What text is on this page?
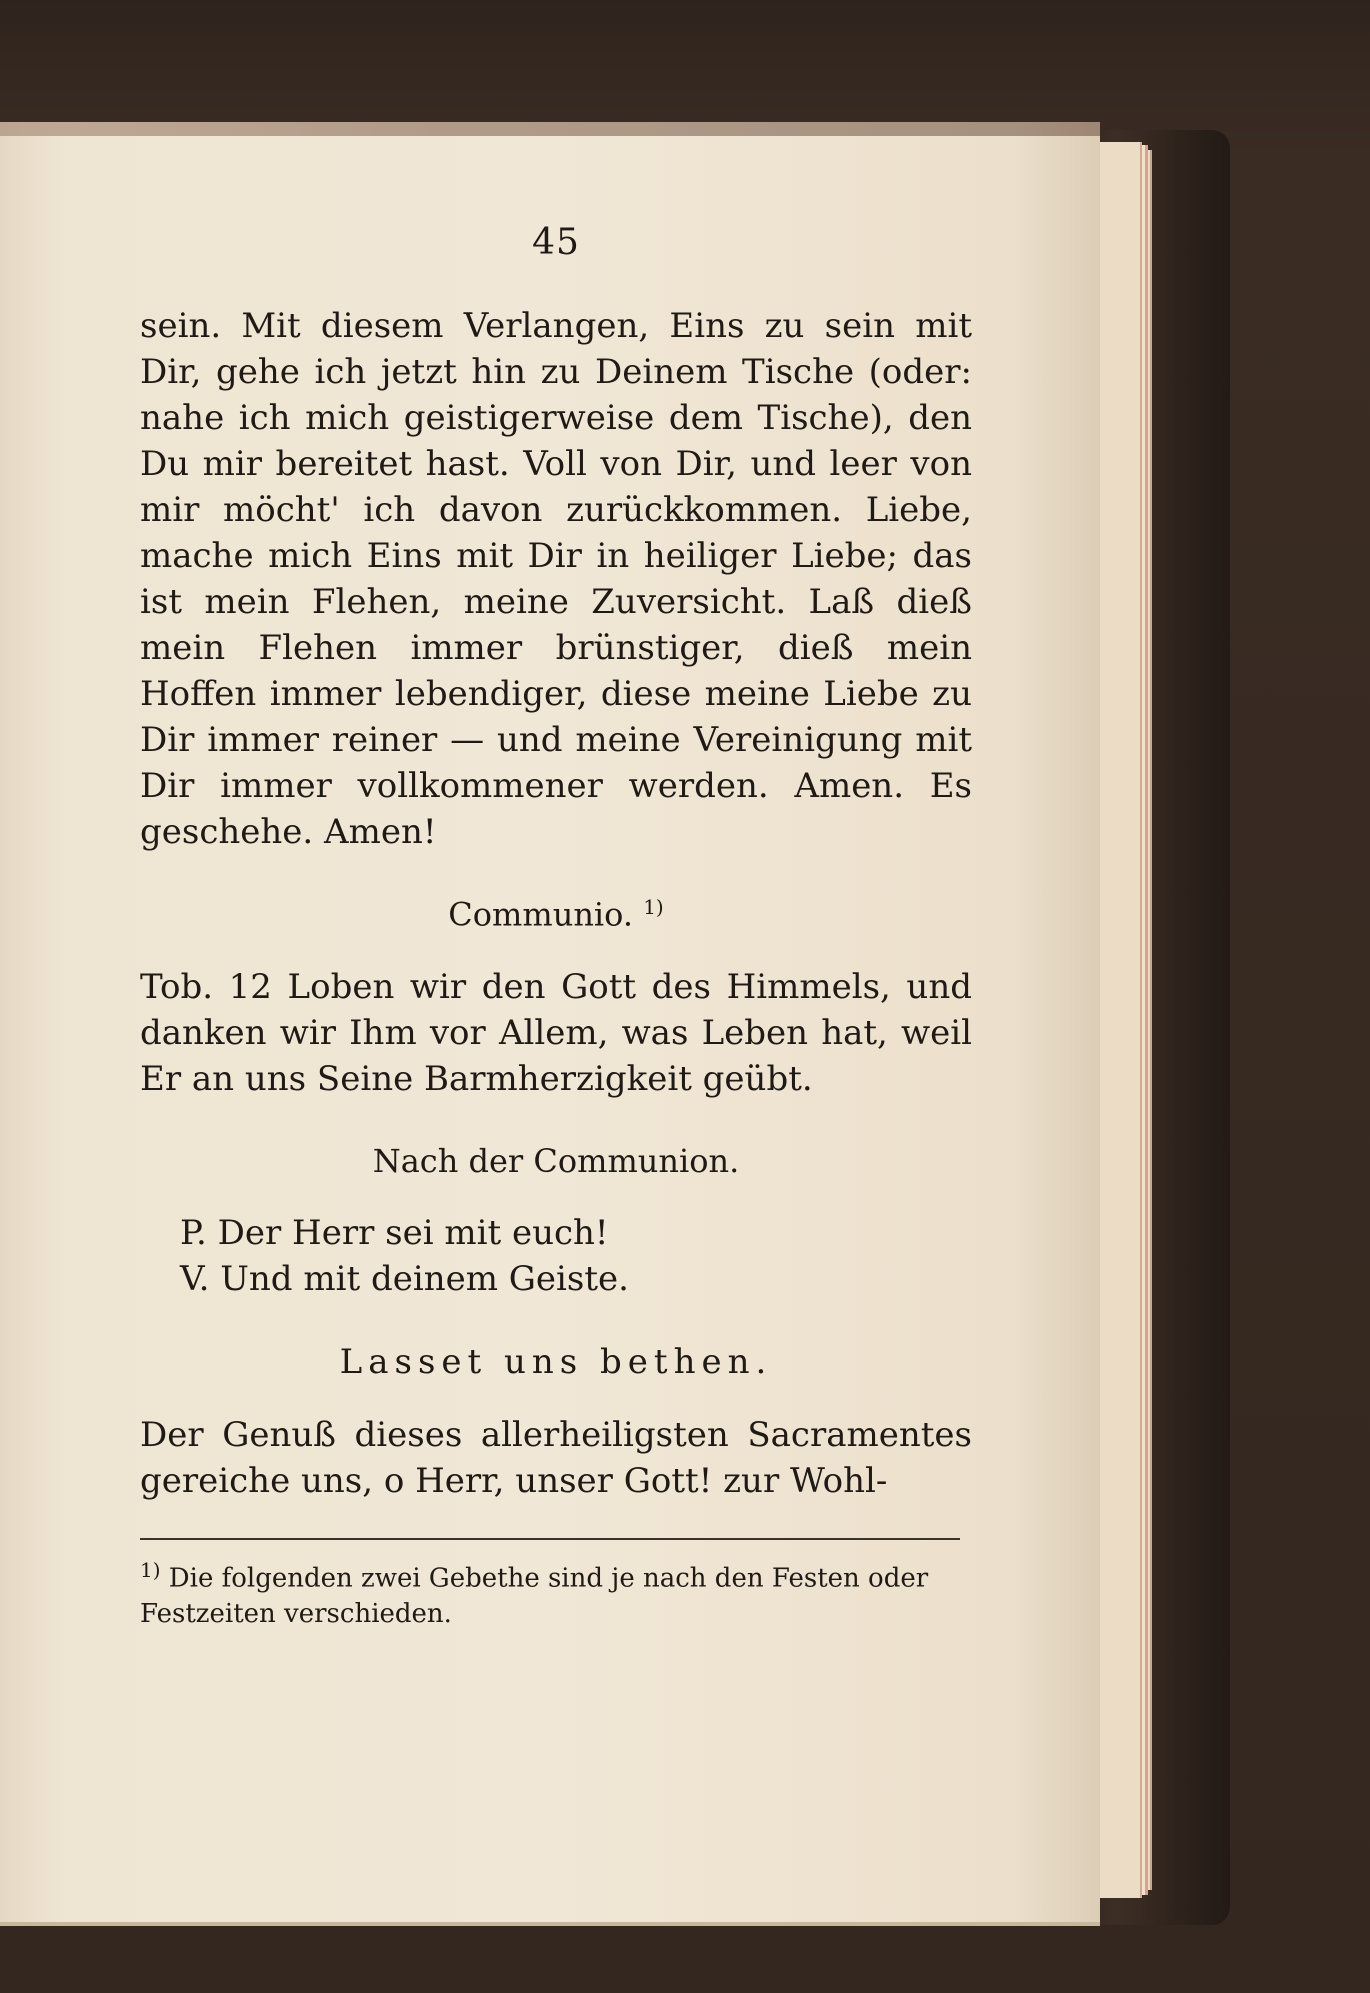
45

sein. Mit diesem Verlangen, Eins zu sein mit Dir, gehe ich jetzt hin zu Deinem Tische (oder: nahe ich mich geistigerweise dem Tische), den Du mir bereitet hast. Voll von Dir, und leer von mir möcht' ich davon zurückkommen. Liebe, mache mich Eins mit Dir in heiliger Liebe; das ist mein Flehen, meine Zuversicht. Laß dieß mein Flehen immer brünstiger, dieß mein Hoffen immer lebendiger, diese meine Liebe zu Dir immer reiner — und meine Vereinigung mit Dir immer vollkommener werden. Amen. Es geschehe. Amen!

Communio. $^{1)}$

Tob. 12 Loben wir den Gott des Himmels, und danken wir Ihm vor Allem, was Leben hat, weil Er an uns Seine Barmherzigkeit geübt.

Nach der Communion.
P. Der Herr sei mit euch!
V. Und mit deinem Geiste.
Lasset uns bethen.

Der Genuß dieses allerheiligsten Sacramentes gereiche uns, o Herr, unser Gott! zur Wohl-

$^{1)}$ Die folgenden zwei Gebethe sind je nach den Festen oder Festzeiten verschieden.
